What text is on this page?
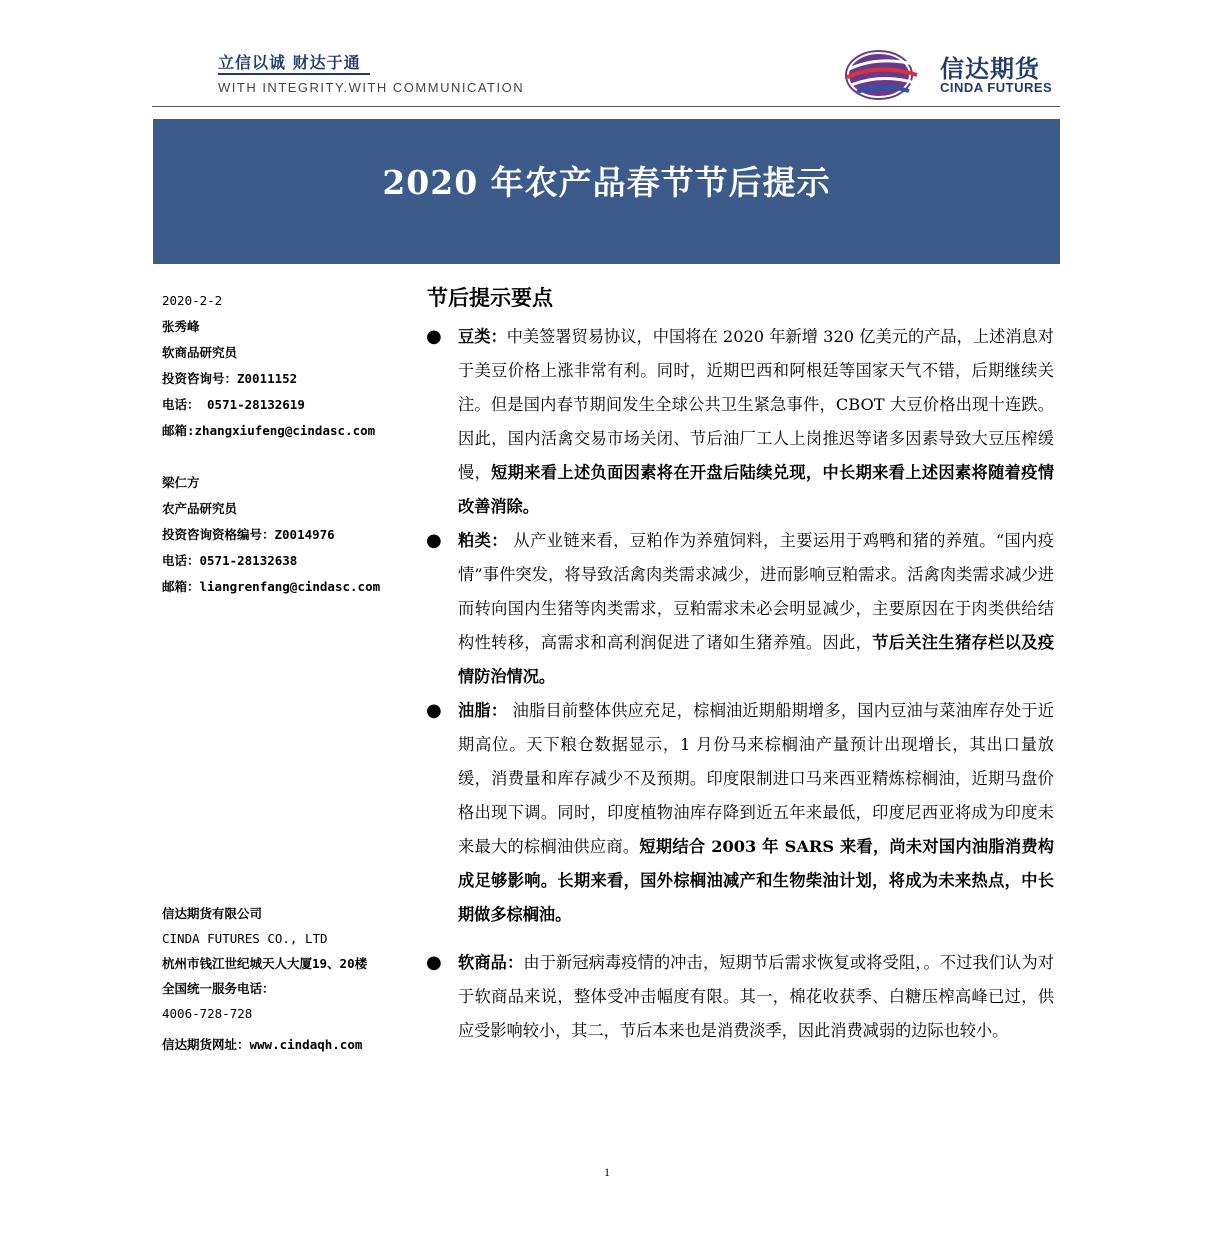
立信以诚 财达于通
WITH INTEGRITY.WITH COMMUNICATION
信达期货
CINDA FUTURES
2020 年农产品春节节后提示
2020-2-2
张秀峰
软商品研究员
投资咨询号：Z0011152
电话： 0571-28132619
邮箱:zhangxiufeng@cindasc.com
梁仁方
农产品研究员
投资咨询资格编号：Z0014976
电话：0571-28132638
邮箱：liangrenfang@cindasc.com
信达期货有限公司
CINDA FUTURES CO., LTD
杭州市钱江世纪城天人大厦19、20楼
全国统一服务电话：
4006-728-728
信达期货网址：www.cindaqh.com
节后提示要点
● 豆类：中美签署贸易协议，中国将在 2020 年新增 320 亿美元的产品，上述消息对于美豆价格上涨非常有利。同时，近期巴西和阿根廷等国家天气不错，后期继续关注。但是国内春节期间发生全球公共卫生紧急事件，CBOT 大豆价格出现十连跌。因此，国内活禽交易市场关闭、节后油厂工人上岗推迟等诸多因素导致大豆压榨缓慢，短期来看上述负面因素将在开盘后陆续兑现，中长期来看上述因素将随着疫情改善消除。
● 粕类： 从产业链来看，豆粕作为养殖饲料，主要运用于鸡鸭和猪的养殖。“国内疫情”事件突发，将导致活禽肉类需求减少，进而影响豆粕需求。活禽肉类需求减少进而转向国内生猪等肉类需求，豆粕需求未必会明显减少，主要原因在于肉类供给结构性转移，高需求和高利润促进了诸如生猪养殖。因此，节后关注生猪存栏以及疫情防治情况。
● 油脂： 油脂目前整体供应充足，棕榈油近期船期增多，国内豆油与菜油库存处于近期高位。天下粮仓数据显示，1 月份马来棕榈油产量预计出现增长，其出口量放缓，消费量和库存减少不及预期。印度限制进口马来西亚精炼棕榈油，近期马盘价格出现下调。同时，印度植物油库存降到近五年来最低，印度尼西亚将成为印度未来最大的棕榈油供应商。短期结合 2003 年 SARS 来看，尚未对国内油脂消费构成足够影响。长期来看，国外棕榈油减产和生物柴油计划，将成为未来热点，中长期做多棕榈油。
● 软商品：由于新冠病毒疫情的冲击，短期节后需求恢复或将受阻，。不过我们认为对于软商品来说，整体受冲击幅度有限。其一，棉花收获季、白糖压榨高峰已过，供应受影响较小，其二，节后本来也是消费淡季，因此消费减弱的边际也较小。
1
